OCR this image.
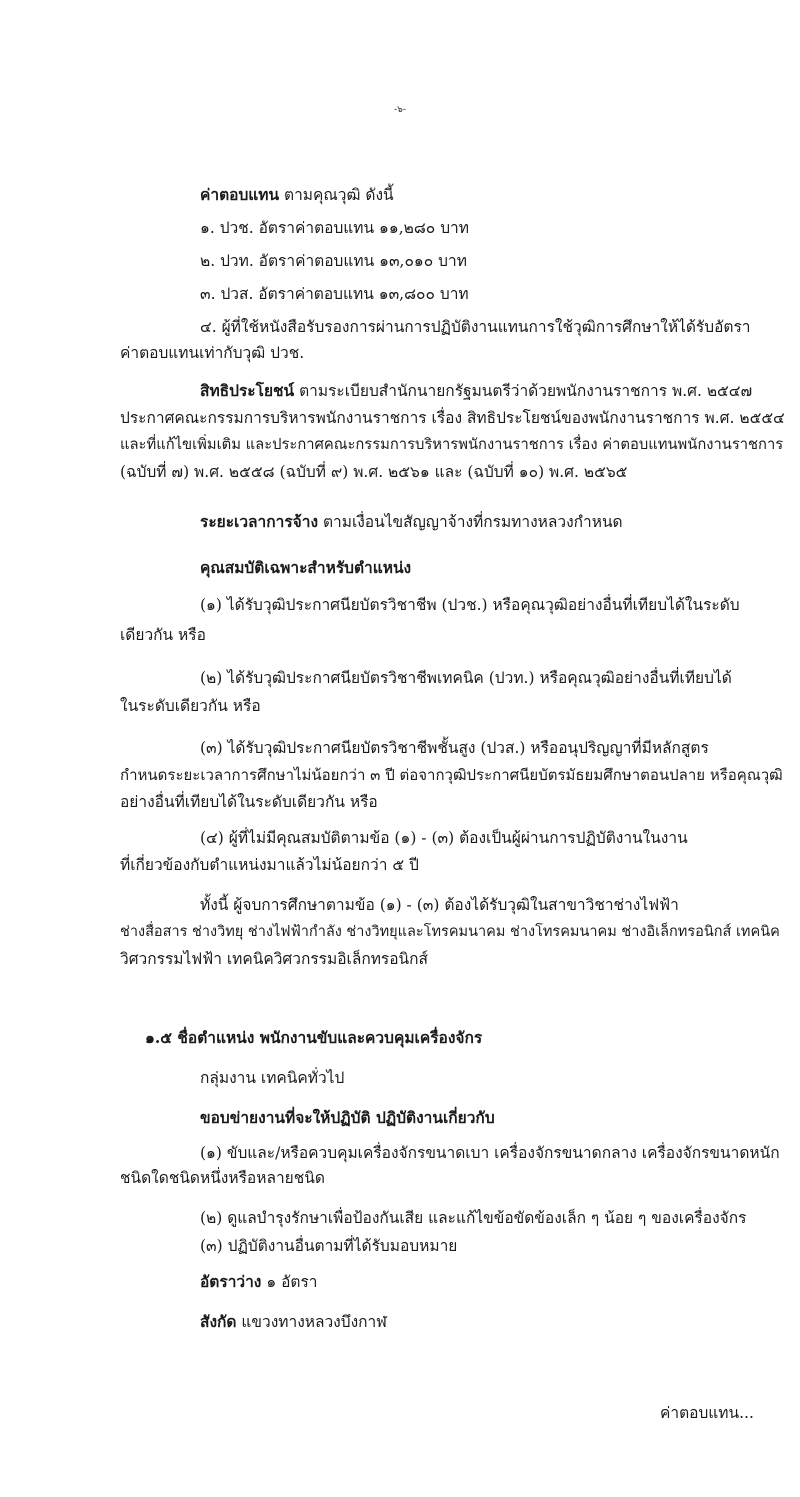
-๖-
ค่าตอบแทน ตามคุณวุฒิ ดังนี้
๑. ปวช. อัตราค่าตอบแทน ๑๑,๒๘๐ บาท
๒. ปวท. อัตราค่าตอบแทน ๑๓,๐๑๐ บาท
๓. ปวส. อัตราค่าตอบแทน ๑๓,๘๐๐ บาท
๔. ผู้ที่ใช้หนังสือรับรองการผ่านการปฏิบัติงานแทนการใช้วุฒิการศึกษาให้ได้รับอัตรา
ค่าตอบแทนเท่ากับวุฒิ ปวช.
สิทธิประโยชน์ ตามระเบียบสำนักนายกรัฐมนตรีว่าด้วยพนักงานราชการ พ.ศ. ๒๕๔๗
ประกาศคณะกรรมการบริหารพนักงานราชการ เรื่อง สิทธิประโยชน์ของพนักงานราชการ พ.ศ. ๒๕๕๔
และที่แก้ไขเพิ่มเติม และประกาศคณะกรรมการบริหารพนักงานราชการ เรื่อง ค่าตอบแทนพนักงานราชการ
(ฉบับที่ ๗) พ.ศ. ๒๕๕๘ (ฉบับที่ ๙) พ.ศ. ๒๕๖๑ และ (ฉบับที่ ๑๐) พ.ศ. ๒๕๖๕
ระยะเวลาการจ้าง ตามเงื่อนไขสัญญาจ้างที่กรมทางหลวงกำหนด
คุณสมบัติเฉพาะสำหรับตำแหน่ง
(๑) ได้รับวุฒิประกาศนียบัตรวิชาชีพ (ปวช.) หรือคุณวุฒิอย่างอื่นที่เทียบได้ในระดับ
เดียวกัน หรือ
(๒) ได้รับวุฒิประกาศนียบัตรวิชาชีพเทคนิค (ปวท.) หรือคุณวุฒิอย่างอื่นที่เทียบได้
ในระดับเดียวกัน หรือ
(๓) ได้รับวุฒิประกาศนียบัตรวิชาชีพชั้นสูง (ปวส.) หรืออนุปริญญาที่มีหลักสูตร
กำหนดระยะเวลาการศึกษาไม่น้อยกว่า ๓ ปี ต่อจากวุฒิประกาศนียบัตรมัธยมศึกษาตอนปลาย หรือคุณวุฒิ
อย่างอื่นที่เทียบได้ในระดับเดียวกัน หรือ
(๔) ผู้ที่ไม่มีคุณสมบัติตามข้อ (๑) - (๓) ต้องเป็นผู้ผ่านการปฏิบัติงานในงาน
ที่เกี่ยวข้องกับตำแหน่งมาแล้วไม่น้อยกว่า ๕ ปี
ทั้งนี้ ผู้จบการศึกษาตามข้อ (๑) - (๓) ต้องได้รับวุฒิในสาขาวิชาช่างไฟฟ้า
ช่างสื่อสาร ช่างวิทยุ ช่างไฟฟ้ากำลัง ช่างวิทยุและโทรคมนาคม ช่างโทรคมนาคม ช่างอิเล็กทรอนิกส์ เทคนิค
วิศวกรรมไฟฟ้า เทคนิควิศวกรรมอิเล็กทรอนิกส์
๑.๕ ชื่อตำแหน่ง พนักงานขับและควบคุมเครื่องจักร
กลุ่มงาน เทคนิคทั่วไป
ขอบข่ายงานที่จะให้ปฏิบัติ ปฏิบัติงานเกี่ยวกับ
(๑) ขับและ/หรือควบคุมเครื่องจักรขนาดเบา เครื่องจักรขนาดกลาง เครื่องจักรขนาดหนัก
ชนิดใดชนิดหนึ่งหรือหลายชนิด
(๒) ดูแลบำรุงรักษาเพื่อป้องกันเสีย และแก้ไขข้อขัดข้องเล็ก ๆ น้อย ๆ ของเครื่องจักร
(๓) ปฏิบัติงานอื่นตามที่ได้รับมอบหมาย
อัตราว่าง ๑ อัตรา
สังกัด แขวงทางหลวงบึงกาฬ
ค่าตอบแทน...
